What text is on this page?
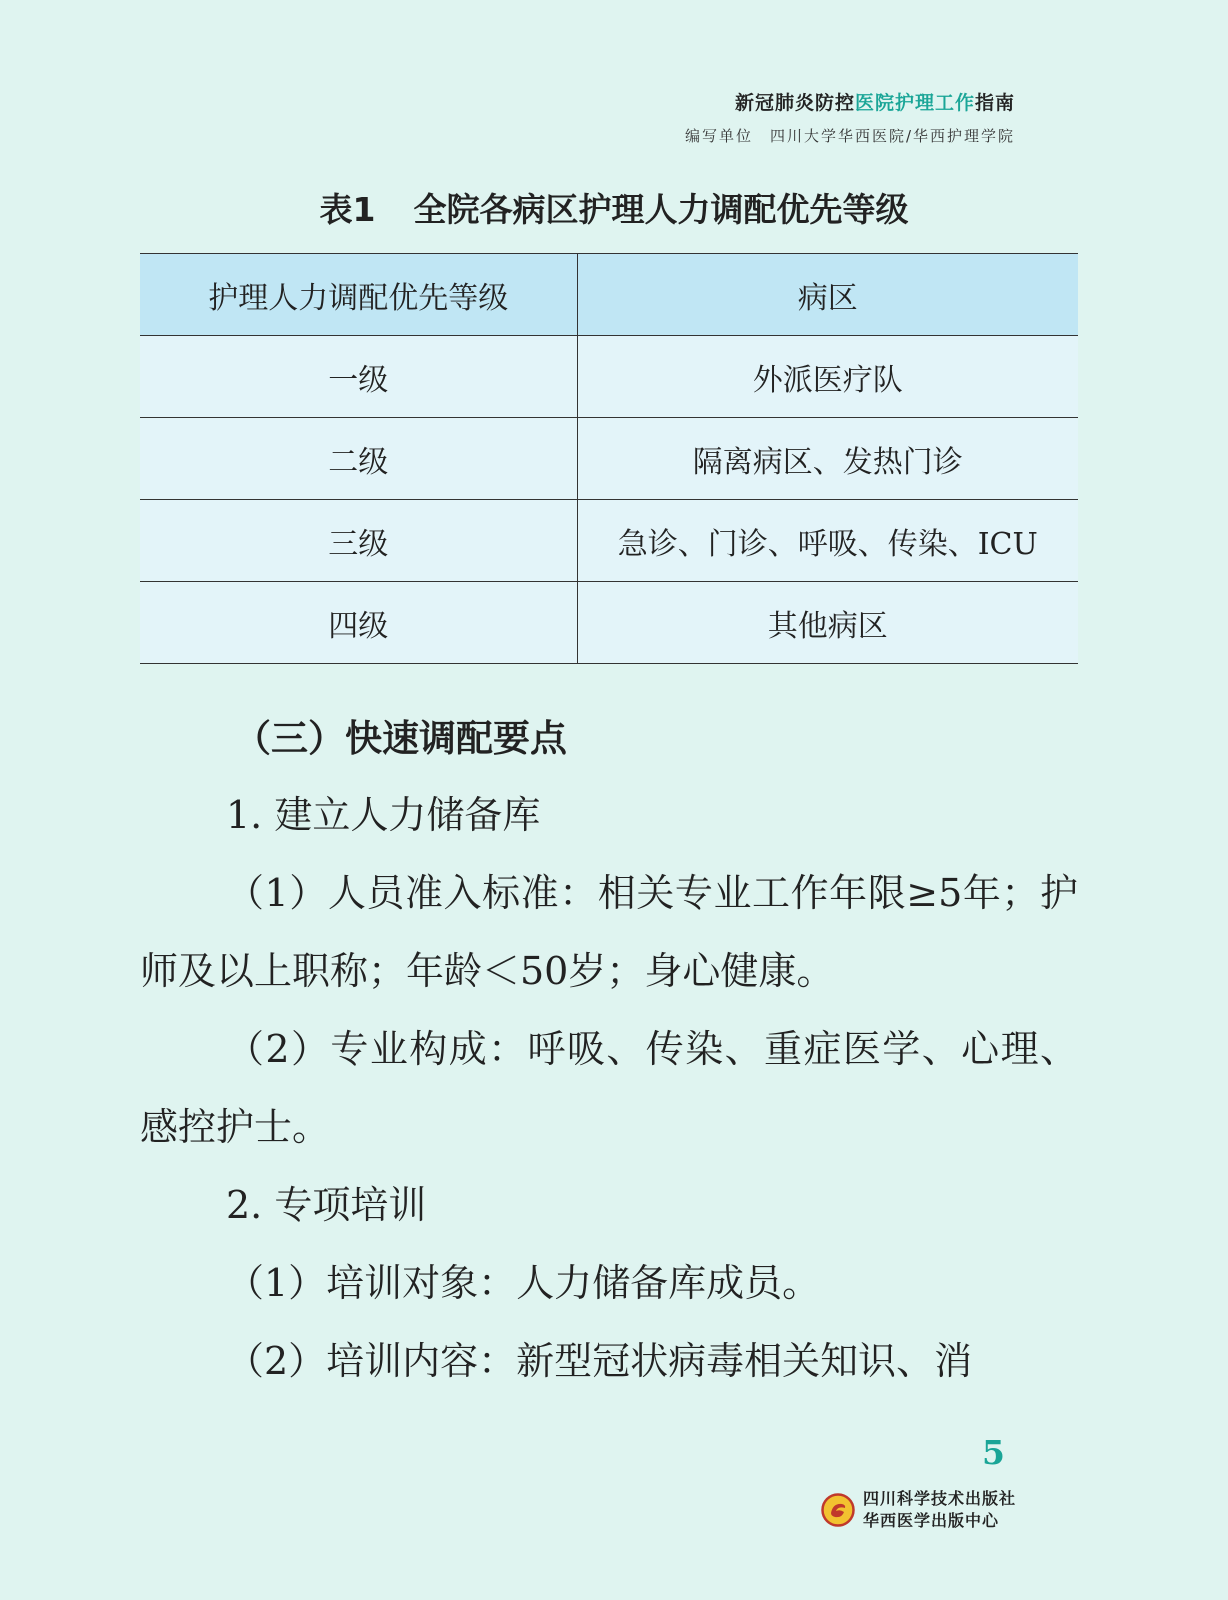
新冠肺炎防控医院护理工作指南
编写单位　四川大学华西医院/华西护理学院
表1 全院各病区护理人力调配优先等级
护理人力调配优先等级	病区
一级	外派医疗队
二级	隔离病区、发热门诊
三级	急诊、门诊、呼吸、传染、ICU
四级	其他病区
（三）快速调配要点

1. 建立人力储备库

（1）人员准入标准：相关专业工作年限≥5年；护师及以上职称；年龄＜50岁；身心健康。

（2）专业构成：呼吸、传染、重症医学、心理、感控护士。

2. 专项培训

（1）培训对象：人力储备库成员。

（2）培训内容：新型冠状病毒相关知识、消

5
四川科学技术出版社
华西医学出版中心
